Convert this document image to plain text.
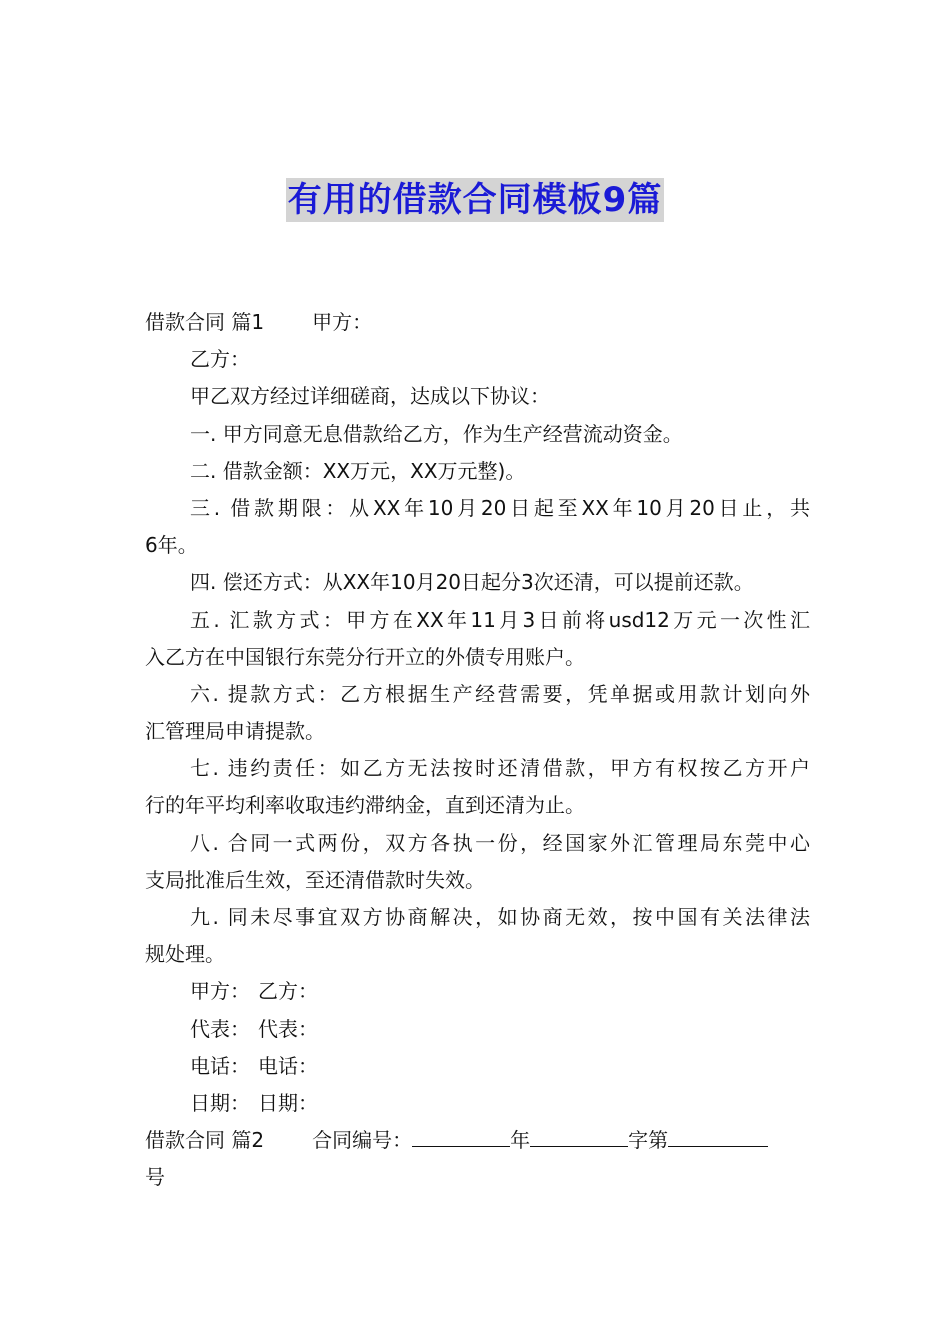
有用的借款合同模板9篇
借款合同 篇1 甲方：
乙方：
甲乙双方经过详细磋商，达成以下协议：
一. 甲方同意无息借款给乙方，作为生产经营流动资金。
二. 借款金额：XX万元，XX万元整)。
三. 借款期限：从XX年10月20日起至XX年10月20日止，共
6年。
四. 偿还方式：从XX年10月20日起分3次还清，可以提前还款。
五. 汇款方式：甲方在XX年11月3日前将usd12万元一次性汇
入乙方在中国银行东莞分行开立的外债专用账户。
六. 提款方式：乙方根据生产经营需要，凭单据或用款计划向外
汇管理局申请提款。
七. 违约责任：如乙方无法按时还清借款，甲方有权按乙方开户
行的年平均利率收取违约滞纳金，直到还清为止。
八. 合同一式两份，双方各执一份，经国家外汇管理局东莞中心
支局批准后生效，至还清借款时失效。
九. 同未尽事宜双方协商解决，如协商无效，按中国有关法律法
规处理。
甲方： 乙方：
代表： 代表：
电话： 电话：
日期： 日期：
借款合同 篇2 合同编号：	年	字第
号
